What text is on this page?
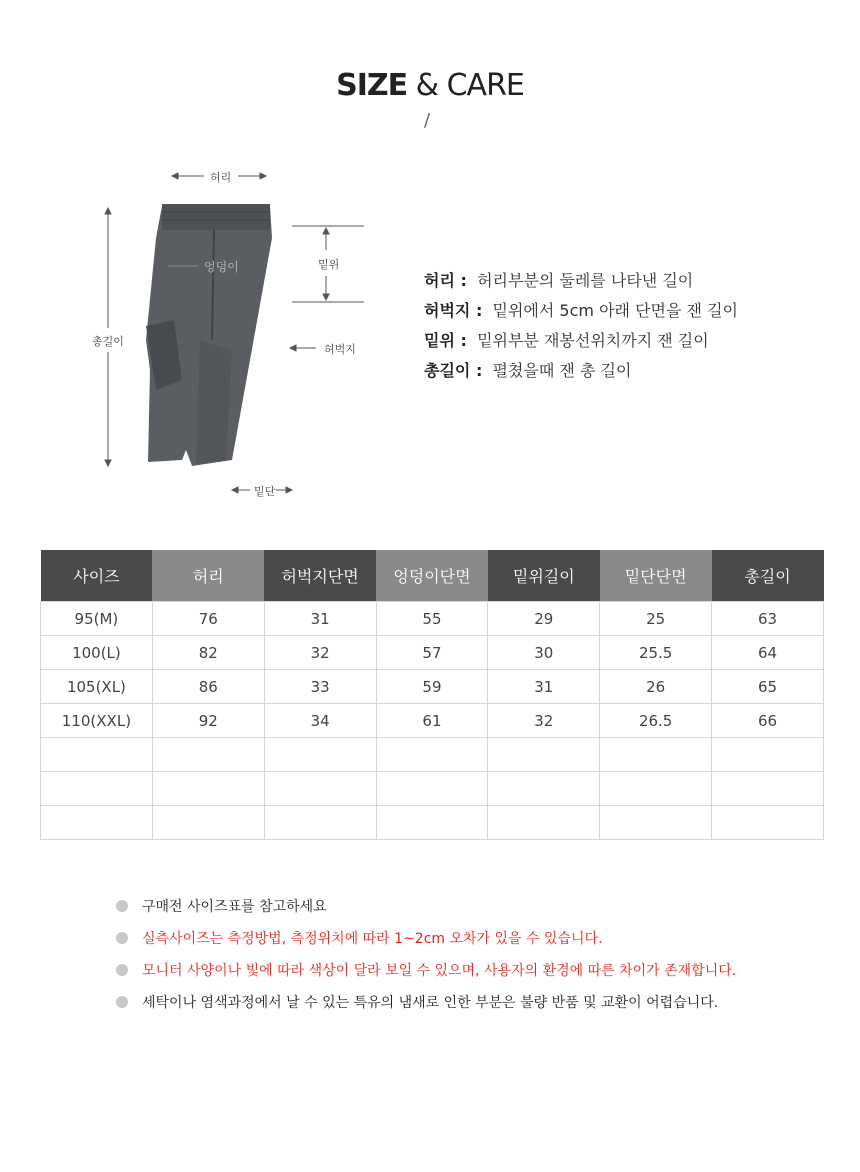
SIZE & CARE
/
허리
엉덩이	밑위
허벅지
총길이
밑단
허리 : 허리부분의 둘레를 나타낸 길이
허벅지 : 밑위에서 5cm 아래 단면을 잰 길이
밑위 : 밑위부분 재봉선위치까지 잰 길이
총길이 : 펼쳤을때 잰 총 길이
사이즈	허리	허벅지단면	엉덩이단면	밑위길이	밑단단면	총길이
95(M)	76	31	55	29	25	63
100(L)	82	32	57	30	25.5	64
105(XL)	86	33	59	31	26	65
110(XXL)	92	34	61	32	26.5	66

구매전 사이즈표를 참고하세요
실측사이즈는 측정방법, 측정위치에 따라 1~2cm 오차가 있을 수 있습니다.
모니터 사양이나 빛에 따라 색상이 달라 보일 수 있으며, 사용자의 환경에 따른 차이가 존재합니다.
세탁이나 염색과정에서 날 수 있는 특유의 냄새로 인한 부분은 불량 반품 및 교환이 어렵습니다.
